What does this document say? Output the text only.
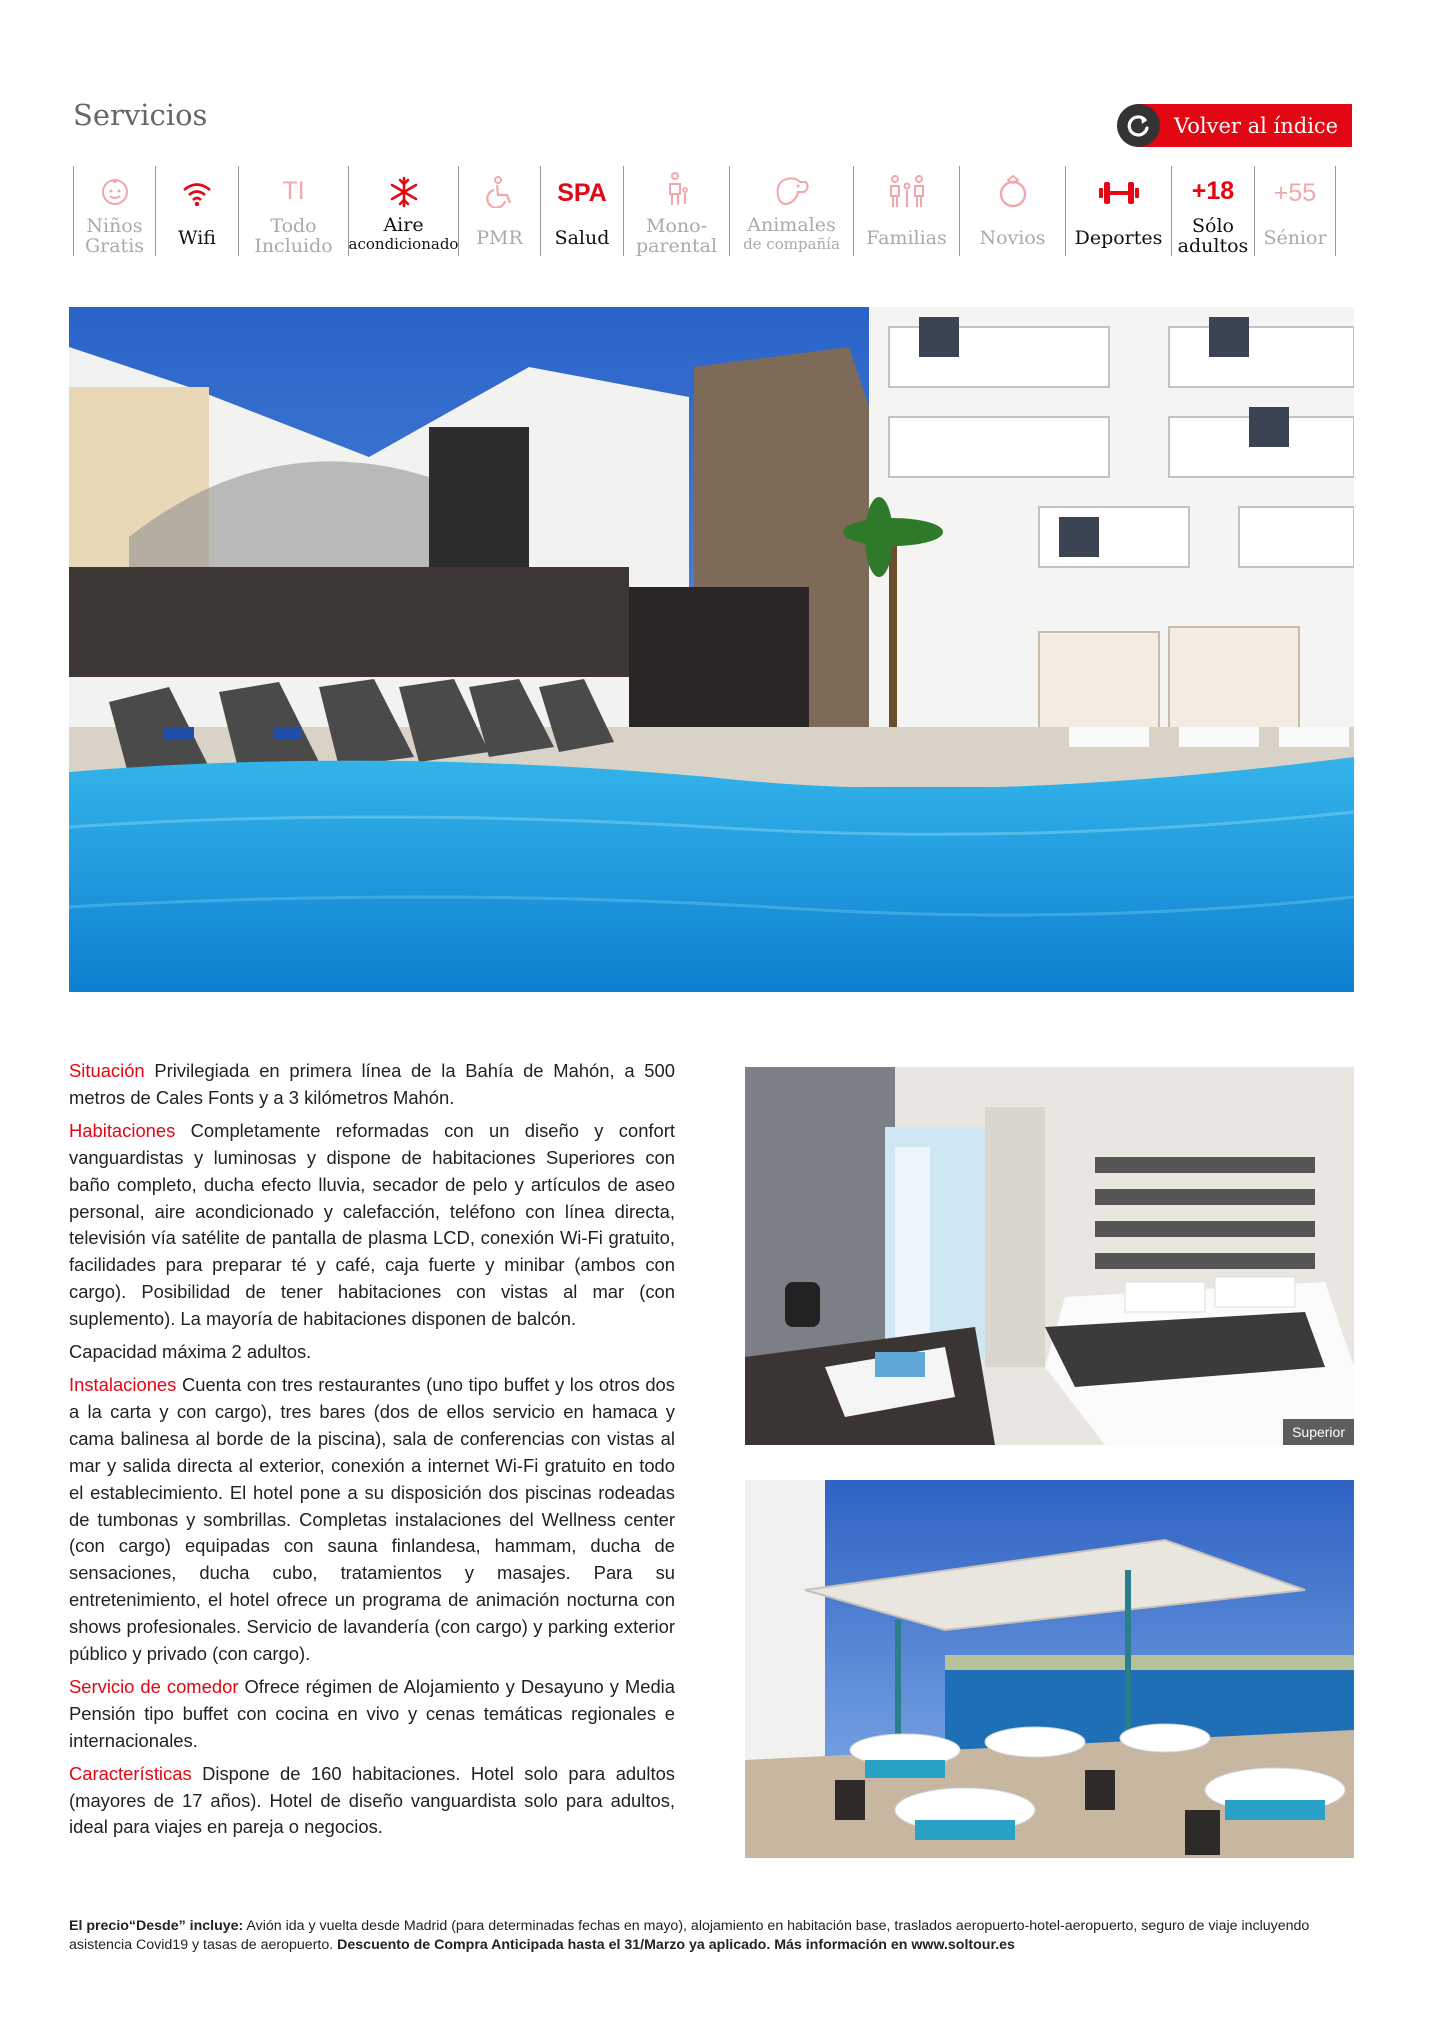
Servicios	Volver al índice
Niños
Gratis Wifi
TI
Todo
Incluido
Aire
acondicionado PMR
SPA
Salud
Mono-
parental
Animales
de compañía Familias Novios Deportes
+18
Sólo
adultos
+55
Sénior

Situación Privilegiada en primera línea de la Bahía de Mahón, a 500 metros de Cales Fonts y a 3 kilómetros Mahón.

Habitaciones Completamente reformadas con un diseño y confort vanguardistas y luminosas y dispone de habitaciones Superiores con baño completo, ducha efecto lluvia, secador de pelo y artículos de aseo personal, aire acondicionado y calefacción, teléfono con línea directa, televisión vía satélite de pantalla de plasma LCD, conexión Wi-Fi gratuito, facilidades para preparar té y café, caja fuerte y minibar (ambos con cargo). Posibilidad de tener habitaciones con vistas al mar (con suplemento). La mayoría de habitaciones disponen de balcón.

Capacidad máxima 2 adultos.

Instalaciones Cuenta con tres restaurantes (uno tipo buffet y los otros dos a la carta y con cargo), tres bares (dos de ellos servicio en hamaca y cama balinesa al borde de la piscina), sala de conferencias con vistas al mar y salida directa al exterior, conexión a internet Wi-Fi gratuito en todo el establecimiento. El hotel pone a su disposición dos piscinas rodeadas de tumbonas y sombrillas. Completas instalaciones del Wellness center (con cargo) equipadas con sauna finlandesa, hammam, ducha de sensaciones, ducha cubo, tratamientos y masajes. Para su entretenimiento, el hotel ofrece un programa de animación nocturna con shows profesionales. Servicio de lavandería (con cargo) y parking exterior público y privado (con cargo).

Servicio de comedor Ofrece régimen de Alojamiento y Desayuno y Media Pensión tipo buffet con cocina en vivo y cenas temáticas regionales e internacionales.

Características Dispone de 160 habitaciones. Hotel solo para adultos (mayores de 17 años). Hotel de diseño vanguardista solo para adultos, ideal para viajes en pareja o negocios.

Superior
El precio“Desde” incluye: Avión ida y vuelta desde Madrid (para determinadas fechas en mayo), alojamiento en habitación base, traslados aeropuerto-hotel-aeropuerto, seguro de viaje incluyendo asistencia Covid19 y tasas de aeropuerto. Descuento de Compra Anticipada hasta el 31/Marzo ya aplicado. Más información en www.soltour.es
